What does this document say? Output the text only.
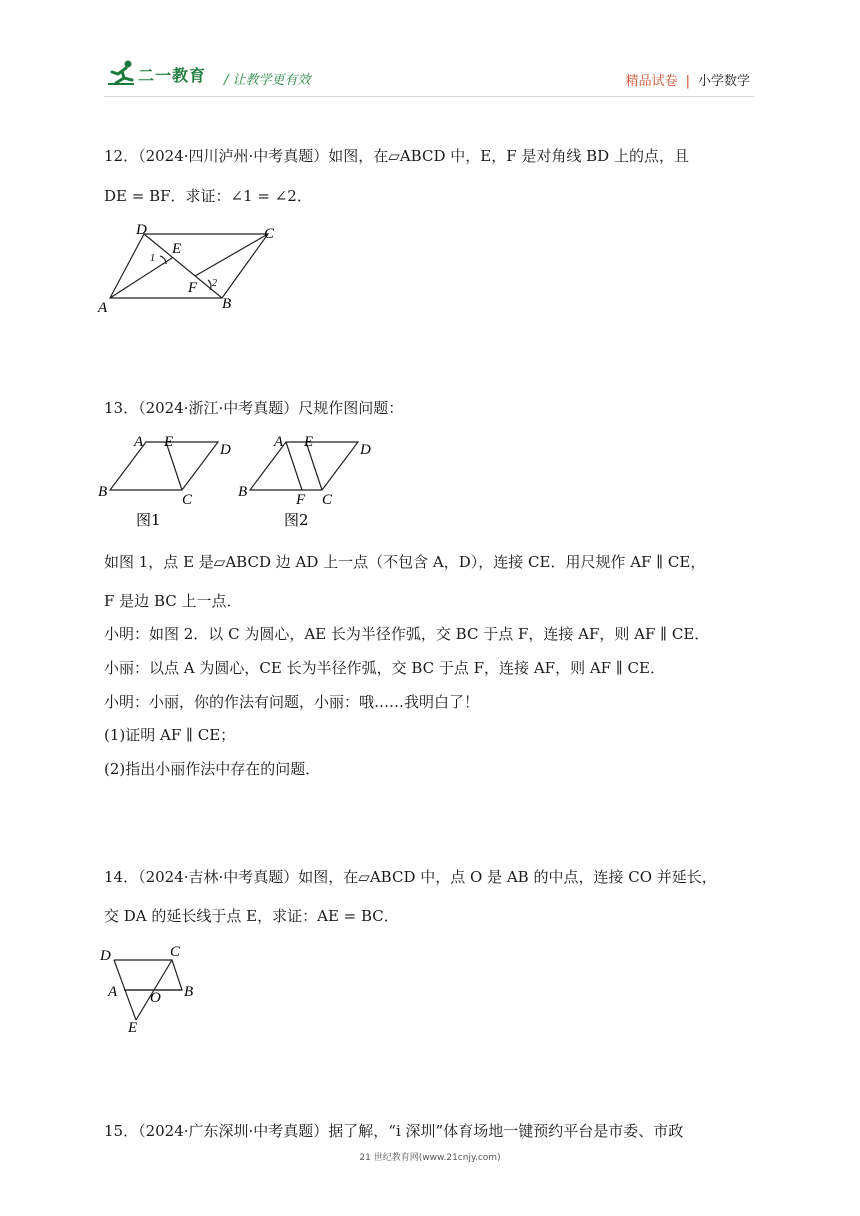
二一教育 / 让教学更有效	精品试卷 | 小学数学
12．（2024·四川泸州·中考真题）如图，在▱ABCD 中，E，F 是对角线 BD 上的点，且
DE = BF．求证：∠1 = ∠2．
D
E
C
1
F 2
A	B
13．（2024·浙江·中考真题）尺规作图问题：
A E	D
B	C
图1
A E	D
B	F C
图2
如图 1，点 E 是▱ABCD 边 AD 上一点（不包含 A，D），连接 CE．用尺规作 AF ∥ CE，
F 是边 BC 上一点．
小明：如图 2．以 C 为圆心，AE 长为半径作弧，交 BC 于点 F，连接 AF，则 AF ∥ CE．
小丽：以点 A 为圆心，CE 长为半径作弧，交 BC 于点 F，连接 AF，则 AF ∥ CE．
小明：小丽，你的作法有问题，小丽：哦……我明白了！
(1)证明 AF ∥ CE；
(2)指出小丽作法中存在的问题．
14．（2024·吉林·中考真题）如图，在▱ABCD 中，点 O 是 AB 的中点，连接 CO 并延长，
交 DA 的延长线于点 E，求证：AE = BC．
D	C
A O B
E
15．（2024·广东深圳·中考真题）据了解，“i 深圳”体育场地一键预约平台是市委、市政
21 世纪教育网(www.21cnjy.com)
